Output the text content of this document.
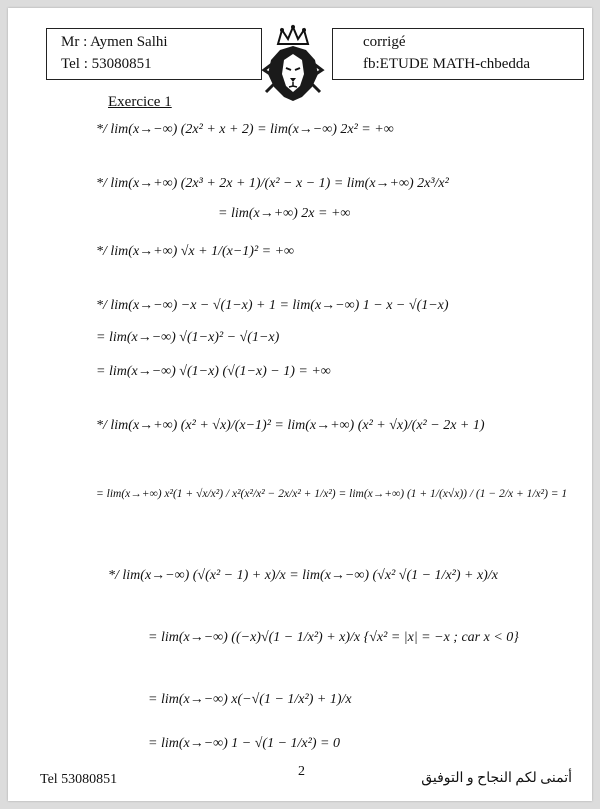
Mr : Aymen Salhi
Tel : 53080851
corrigé
fb:ETUDE MATH-chbedda
Exercice 1
*/ lim(x→−∞) (2x² + x + 2) = lim(x→−∞) 2x² = +∞
*/ lim(x→+∞) (2x³ + 2x + 1)/(x² − x − 1) = lim(x→+∞) 2x³/x²
= lim(x→+∞) 2x = +∞
*/ lim(x→+∞) √x + 1/(x−1)² = +∞
*/ lim(x→−∞) −x − √(1−x) + 1 = lim(x→−∞) 1 − x − √(1−x)
= lim(x→−∞) √(1−x)² − √(1−x)
= lim(x→−∞) √(1−x) (√(1−x) − 1) = +∞
*/ lim(x→+∞) (x² + √x)/(x−1)² = lim(x→+∞) (x² + √x)/(x² − 2x + 1)
= lim(x→+∞) x²(1 + √x/x²) / x²(x²/x² − 2x/x² + 1/x²) = lim(x→+∞) (1 + 1/(x√x)) / (1 − 2/x + 1/x²) = 1
*/ lim(x→−∞) (√(x² − 1) + x)/x = lim(x→−∞) (√x² √(1 − 1/x²) + x)/x
= lim(x→−∞) ((−x)√(1 − 1/x²) + x)/x {√x² = |x| = −x ; car x < 0}
= lim(x→−∞) x(−√(1 − 1/x²) + 1)/x
= lim(x→−∞) 1 − √(1 − 1/x²) = 0
Tel 53080851
2	أتمنى لكم النجاح و التوفيق
